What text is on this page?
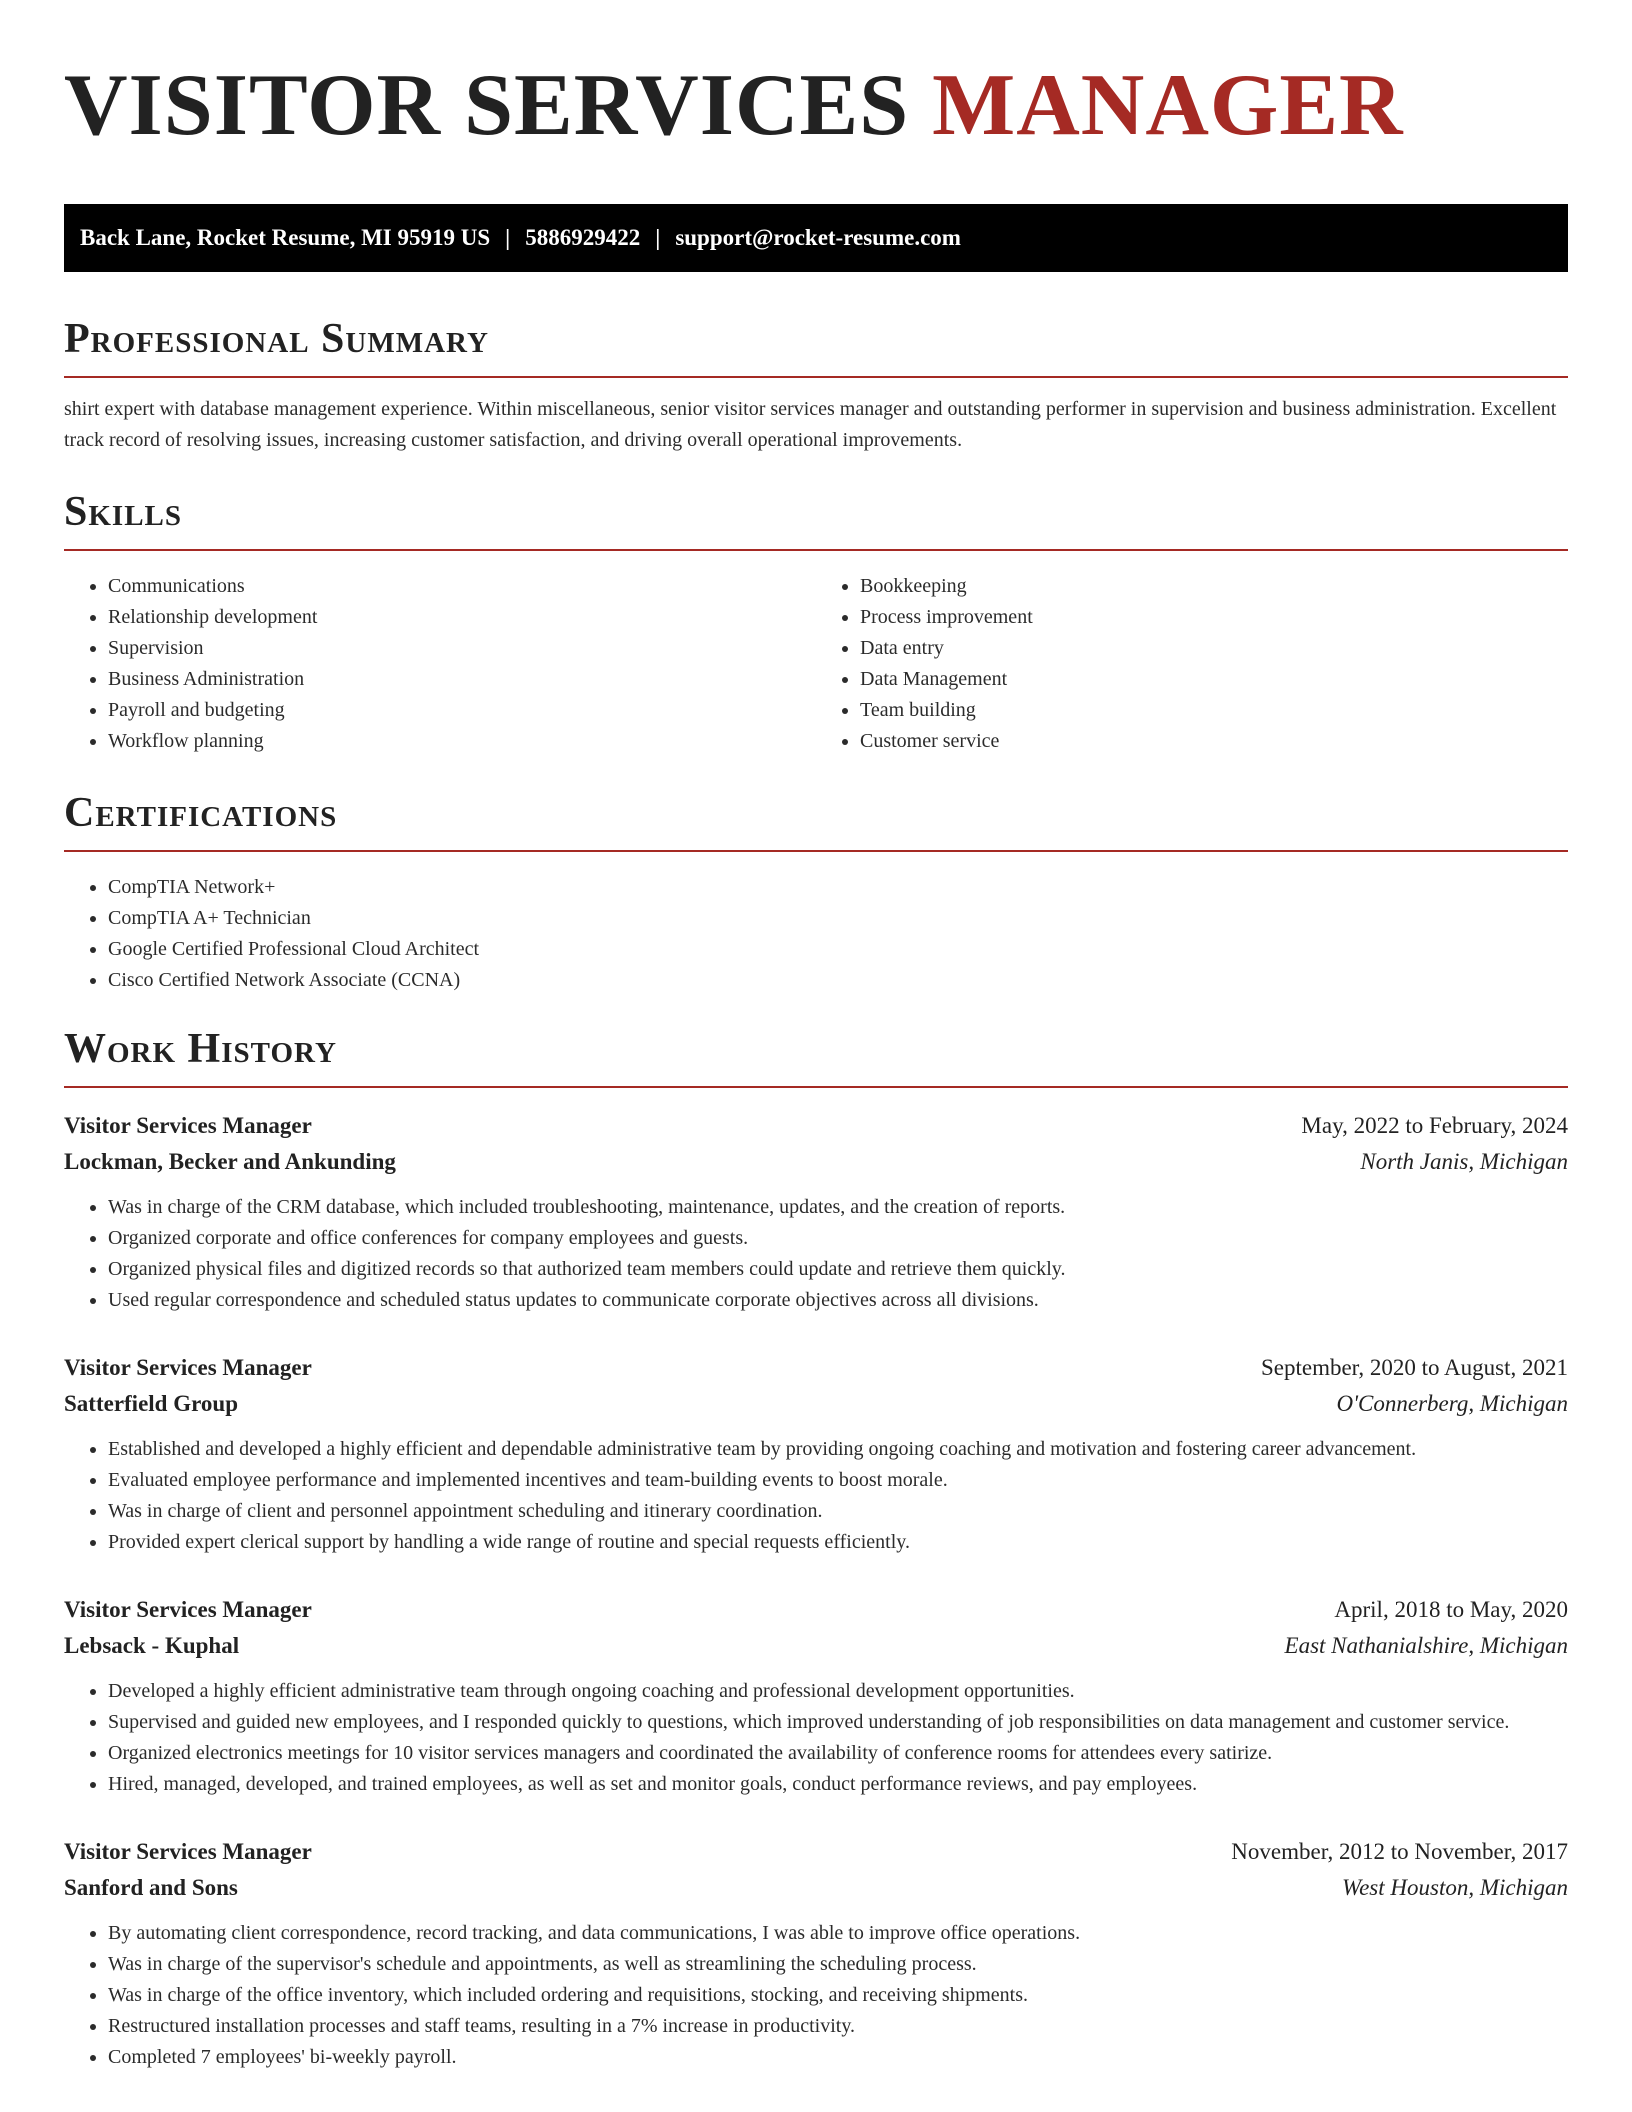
VISITOR SERVICES MANAGER
Back Lane, Rocket Resume, MI 95919 US | 5886929422 | support@rocket-resume.com
Professional Summary

shirt expert with database management experience. Within miscellaneous, senior visitor services manager and outstanding performer in supervision and business administration. Excellent track record of resolving issues, increasing customer satisfaction, and driving overall operational improvements.

Skills
• Communications
• Relationship development
• Supervision
• Business Administration
• Payroll and budgeting
• Workflow planning
• Bookkeeping
• Process improvement
• Data entry
• Data Management
• Team building
• Customer service
Certifications
• CompTIA Network+
• CompTIA A+ Technician
• Google Certified Professional Cloud Architect
• Cisco Certified Network Associate (CCNA)
Work History
Visitor Services Manager	May, 2022 to February, 2024
Lockman, Becker and Ankunding	North Janis, Michigan
• Was in charge of the CRM database, which included troubleshooting, maintenance, updates, and the creation of reports.
• Organized corporate and office conferences for company employees and guests.
• Organized physical files and digitized records so that authorized team members could update and retrieve them quickly.
• Used regular correspondence and scheduled status updates to communicate corporate objectives across all divisions.
Visitor Services Manager	September, 2020 to August, 2021
Satterfield Group	O'Connerberg, Michigan
• Established and developed a highly efficient and dependable administrative team by providing ongoing coaching and motivation and fostering career advancement.
• Evaluated employee performance and implemented incentives and team-building events to boost morale.
• Was in charge of client and personnel appointment scheduling and itinerary coordination.
• Provided expert clerical support by handling a wide range of routine and special requests efficiently.
Visitor Services Manager	April, 2018 to May, 2020
Lebsack - Kuphal	East Nathanialshire, Michigan
• Developed a highly efficient administrative team through ongoing coaching and professional development opportunities.
• Supervised and guided new employees, and I responded quickly to questions, which improved understanding of job responsibilities on data management and customer service.
• Organized electronics meetings for 10 visitor services managers and coordinated the availability of conference rooms for attendees every satirize.
• Hired, managed, developed, and trained employees, as well as set and monitor goals, conduct performance reviews, and pay employees.
Visitor Services Manager	November, 2012 to November, 2017
Sanford and Sons	West Houston, Michigan
• By automating client correspondence, record tracking, and data communications, I was able to improve office operations.
• Was in charge of the supervisor's schedule and appointments, as well as streamlining the scheduling process.
• Was in charge of the office inventory, which included ordering and requisitions, stocking, and receiving shipments.
• Restructured installation processes and staff teams, resulting in a 7% increase in productivity.
• Completed 7 employees' bi-weekly payroll.
